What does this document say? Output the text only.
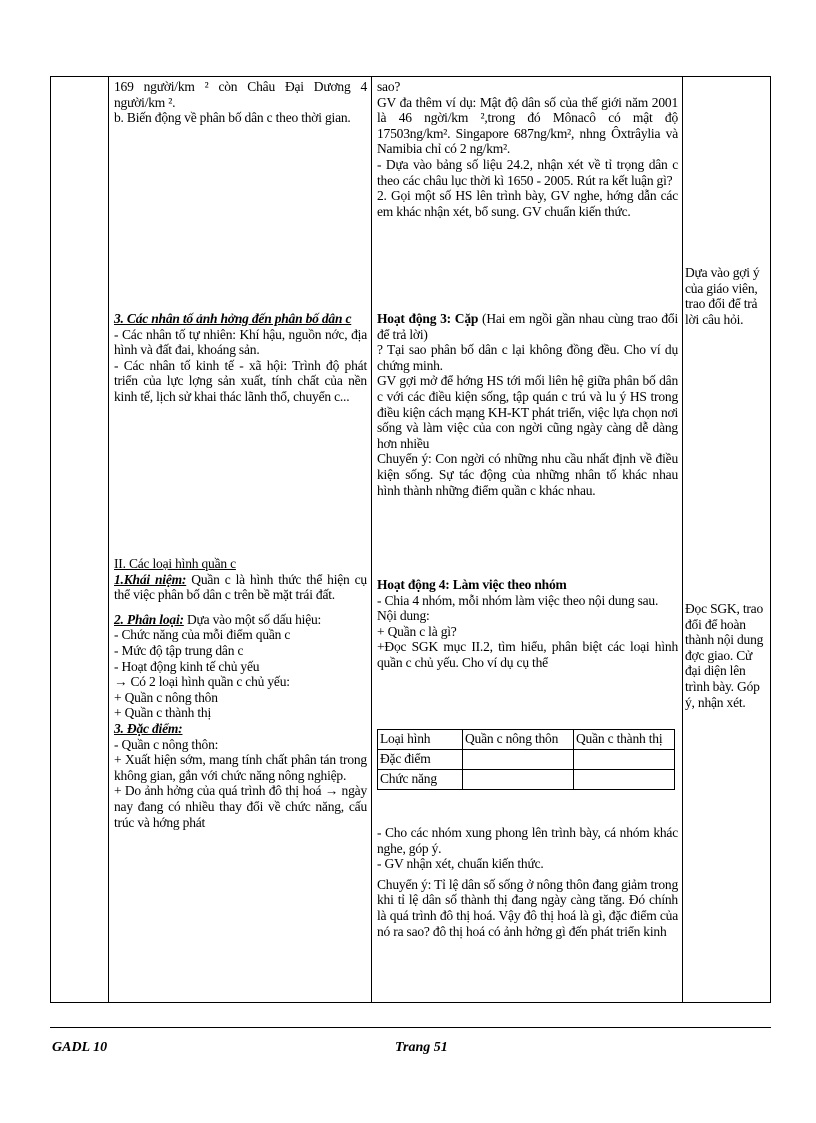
169 người/km ² còn Châu Đại Dương 4 người/km ².

b. Biến động về phân bố dân c theo thời gian.

3. Các nhân tố ảnh hởng đến phân bố dân c

- Các nhân tố tự nhiên: Khí hậu, nguồn nớc, địa hình và đất đai, khoáng sản.

- Các nhân tố kinh tế - xã hội: Trình độ phát triển của lực lợng sản xuất, tính chất của nền kinh tế, lịch sử khai thác lãnh thổ, chuyển c...

II. Các loại hình quần c

1.Khái niệm: Quần c là hình thức thể hiện cụ thể việc phân bố dân c trên bề mặt trái đất.

2. Phân loại: Dựa vào một số dấu hiệu:

- Chức năng của mỗi điểm quần c

- Mức độ tập trung dân c

- Hoạt động kinh tế chủ yếu

→ Có 2 loại hình quần c chủ yếu:

+ Quần c nông thôn

+ Quần c thành thị

3. Đặc điểm:

- Quần c nông thôn:

+ Xuất hiện sớm, mang tính chất phân tán trong không gian, gắn với chức năng nông nghiệp.

+ Do ảnh hởng của quá trình đô thị hoá → ngày nay đang có nhiều thay đổi về chức năng, cấu trúc và hớng phát

sao?

GV đa thêm ví dụ: Mật độ dân số của thế giới năm 2001 là 46 ngời/km ²,trong đó Mônacô có mật độ 17503ng/km². Singapore 687ng/km², nhng Ôxtrâylia và Namibia chỉ có 2 ng/km².

- Dựa vào bảng số liệu 24.2, nhận xét về tỉ trọng dân c theo các châu lục thời kì 1650 - 2005. Rút ra kết luận gì?

2. Gọi một số HS lên trình bày, GV nghe, hớng dẫn các em khác nhận xét, bổ sung. GV chuẩn kiến thức.

Hoạt động 3: Cặp (Hai em ngồi gần nhau cùng trao đổi để trả lời)

? Tại sao phân bố dân c lại không đồng đều. Cho ví dụ chứng minh.

GV gợi mở để hớng HS tới mối liên hệ giữa phân bố dân c với các điều kiện sống, tập quán c trú và lu ý HS trong điều kiện cách mạng KH-KT phát triển, việc lựa chọn nơi sống và làm việc của con ngời cũng ngày càng dễ dàng hơn nhiều

Chuyển ý: Con ngời có những nhu cầu nhất định về điều kiện sống. Sự tác động của những nhân tố khác nhau hình thành những điểm quần c khác nhau.

Hoạt động 4: Làm việc theo nhóm

- Chia 4 nhóm, mỗi nhóm làm việc theo nội dung sau.

Nội dung:

+ Quần c là gì?

+Đọc SGK mục II.2, tìm hiểu, phân biệt các loại hình quần c chủ yếu. Cho ví dụ cụ thể

Loại hình	Quần c nông thôn	Quần c thành thị
Đặc điểm		
Chức năng		

- Cho các nhóm xung phong lên trình bày, cá nhóm khác nghe, góp ý.

- GV nhận xét, chuẩn kiến thức.

Chuyển ý: Tỉ lệ dân số sống ở nông thôn đang giảm trong khi tỉ lệ dân số thành thị đang ngày càng tăng. Đó chính là quá trình đô thị hoá. Vậy đô thị hoá là gì, đặc điểm của nó ra sao? đô thị hoá có ảnh hởng gì đến phát triển kinh

Dựa vào gợi ý của giáo viên, trao đổi để trả lời câu hỏi.
Đọc SGK, trao đổi để hoàn thành nội dung đợc giao. Cử đại diện lên trình bày. Góp ý, nhận xét.
GADL 10	Trang 51
